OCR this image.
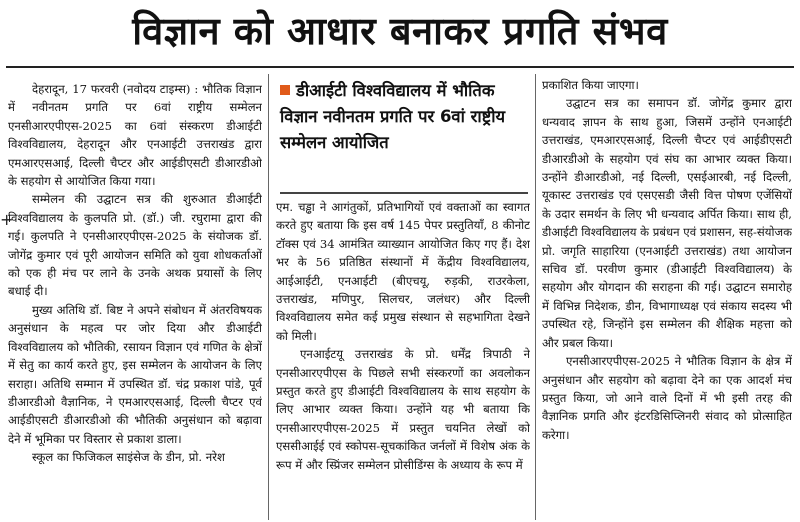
विज्ञान को आधार बनाकर प्रगति संभव
+

देहरादून, 17 फरवरी (नवोदय टाइम्स) : भौतिक विज्ञान में नवीनतम प्रगति पर 6वां राष्ट्रीय सम्मेलन एनसीआरएपीएस-2025 का 6वां संस्करण डीआईटी विश्वविद्यालय, देहरादून और एनआईटी उत्तराखंड द्वारा एमआरएसआई, दिल्ली चैप्टर और आईडीएसटी डीआरडीओ के सहयोग से आयोजित किया गया।

सम्मेलन की उद्घाटन सत्र की शुरुआत डीआईटी विश्वविद्यालय के कुलपति प्रो. (डॉ.) जी. रघुरामा द्वारा की गई। कुलपति ने एनसीआरएपीएस-2025 के संयोजक डॉ. जोगेंद्र कुमार एवं पूरी आयोजन समिति को युवा शोधकर्ताओं को एक ही मंच पर लाने के उनके अथक प्रयासों के लिए बधाई दी।

मुख्य अतिथि डॉ. बिष्ट ने अपने संबोधन में अंतरविषयक अनुसंधान के महत्व पर जोर दिया और डीआईटी विश्वविद्यालय को भौतिकी, रसायन विज्ञान एवं गणित के क्षेत्रों में सेतु का कार्य करते हुए, इस सम्मेलन के आयोजन के लिए सराहा। अतिथि सम्मान में उपस्थित डॉ. चंद्र प्रकाश पांडे, पूर्व डीआरडीओ वैज्ञानिक, ने एमआरएसआई, दिल्ली चैप्टर एवं आईडीएसटी डीआरडीओ की भौतिकी अनुसंधान को बढ़ावा देने में भूमिका पर विस्तार से प्रकाश डाला।

स्कूल का फिजिकल साइंसेज के डीन, प्रो. नरेश

डीआईटी विश्वविद्यालय में भौतिक विज्ञान नवीनतम प्रगति पर 6वां राष्ट्रीय सम्मेलन आयोजित

एम. चड्ढा ने आगंतुकों, प्रतिभागियों एवं वक्ताओं का स्वागत करते हुए बताया कि इस वर्ष 145 पेपर प्रस्तुतियाँ, 8 कीनोट टॉक्स एवं 34 आमंत्रित व्याख्यान आयोजित किए गए हैं। देश भर के 56 प्रतिष्ठित संस्थानों में केंद्रीय विश्वविद्यालय, आईआईटी, एनआईटी (बीएचयू, रुड़की, राउरकेला, उत्तराखंड, मणिपुर, सिलचर, जलंधर) और दिल्ली विश्वविद्यालय समेत कई प्रमुख संस्थान से सहभागिता देखने को मिली।

एनआईटयू उत्तराखंड के प्रो. धर्मेंद्र त्रिपाठी ने एनसीआरएपीएस के पिछले सभी संस्करणों का अवलोकन प्रस्तुत करते हुए डीआईटी विश्वविद्यालय के साथ सहयोग के लिए आभार व्यक्त किया। उन्होंने यह भी बताया कि एनसीआरएपीएस-2025 में प्रस्तुत चयनित लेखों को एससीआईई एवं स्कोपस-सूचकांकित जर्नलों में विशेष अंक के रूप में और स्प्रिंजर सम्मेलन प्रोसीडिंग्स के अध्याय के रूप में

प्रकाशित किया जाएगा।

उद्घाटन सत्र का समापन डॉ. जोगेंद्र कुमार द्वारा धन्यवाद ज्ञापन के साथ हुआ, जिसमें उन्होंने एनआईटी उत्तराखंड, एमआरएसआई, दिल्ली चैप्टर एवं आईडीएसटी डीआरडीओ के सहयोग एवं संघ का आभार व्यक्त किया। उन्होंने डीआरडीओ, नई दिल्ली, एसईआरबी, नई दिल्ली, यूकास्ट उत्तराखंड एवं एसएसडी जैसी वित्त पोषण एजेंसियों के उदार समर्थन के लिए भी धन्यवाद अर्पित किया। साथ ही, डीआईटी विश्वविद्यालय के प्रबंधन एवं प्रशासन, सह-संयोजक प्रो. जगृति साहारिया (एनआईटी उत्तराखंड) तथा आयोजन सचिव डॉ. परवीण कुमार (डीआईटी विश्वविद्यालय) के सहयोग और योगदान की सराहना की गई। उद्घाटन समारोह में विभिन्न निदेशक, डीन, विभागाध्यक्ष एवं संकाय सदस्य भी उपस्थित रहे, जिन्होंने इस सम्मेलन की शैक्षिक महत्ता को और प्रबल किया।

एनसीआरएपीएस-2025 ने भौतिक विज्ञान के क्षेत्र में अनुसंधान और सहयोग को बढ़ावा देने का एक आदर्श मंच प्रस्तुत किया, जो आने वाले दिनों में भी इसी तरह की वैज्ञानिक प्रगति और इंटरडिसिप्लिनरी संवाद को प्रोत्साहित करेगा।
